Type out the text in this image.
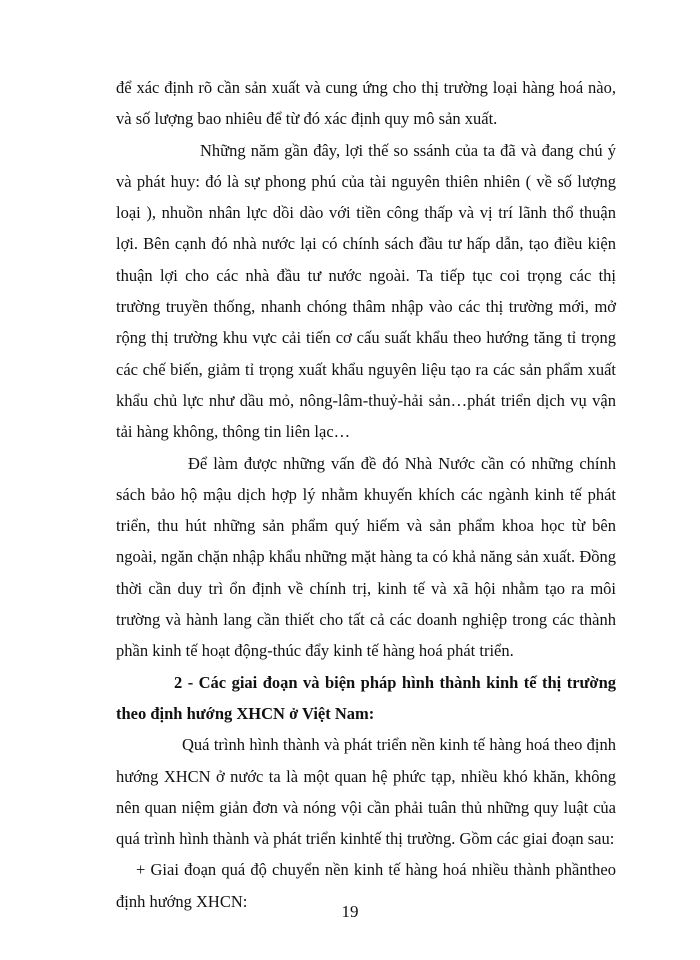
để xác định rõ cần sản xuất và cung ứng cho thị trường loại hàng hoá nào, và số lượng bao nhiêu để từ đó xác định quy mô sản xuất.

Những năm gần đây, lợi thế so ssánh của ta đã và đang chú ý và phát huy: đó là sự phong phú của tài nguyên thiên nhiên ( về số lượng loại ), nhuồn nhân lực dồi dào với tiền công thấp và vị trí lãnh thổ thuận lợi. Bên cạnh đó nhà nước lại có chính sách đầu tư hấp dẫn, tạo điều kiện thuận lợi cho các nhà đầu tư nước ngoài. Ta tiếp tục coi trọng các thị trường truyền thống, nhanh chóng thâm nhập vào các thị trường mới, mở rộng thị trường khu vực cải tiến cơ cấu suất khẩu theo hướng tăng tỉ trọng các chế biến, giảm tỉ trọng xuất khẩu nguyên liệu tạo ra các sản phẩm xuất khẩu chủ lực như dầu mỏ, nông-lâm-thuỷ-hải sản…phát triển dịch vụ vận tải hàng không, thông tin liên lạc…

Để làm được những vấn đề đó Nhà Nước cần có những chính sách bảo hộ mậu dịch hợp lý nhằm khuyến khích các ngành kinh tế phát triển, thu hút những sản phẩm quý hiếm và sản phẩm khoa học từ bên ngoài, ngăn chặn nhập khẩu những mặt hàng ta có khả năng sản xuất. Đồng thời cần duy trì ổn định về chính trị, kinh tế và xã hội nhằm tạo ra môi trường và hành lang cần thiết cho tất cả các doanh nghiệp trong các thành phần kinh tế hoạt động-thúc đẩy kinh tế hàng hoá phát triển.

2 - Các giai đoạn và biện pháp hình thành kinh tế thị trường theo định hướng XHCN ở Việt Nam:

Quá trình hình thành và phát triển nền kinh tế hàng hoá theo định hướng XHCN ở nước ta là một quan hệ phức tạp, nhiều khó khăn, không nên quan niệm giản đơn và nóng vội cần phải tuân thủ những quy luật của quá trình hình thành và phát triển kinhtế thị trường. Gồm các giai đoạn sau:

+ Giai đoạn quá độ chuyển nền kinh tế hàng hoá nhiều thành phầntheo định hướng XHCN:

19
